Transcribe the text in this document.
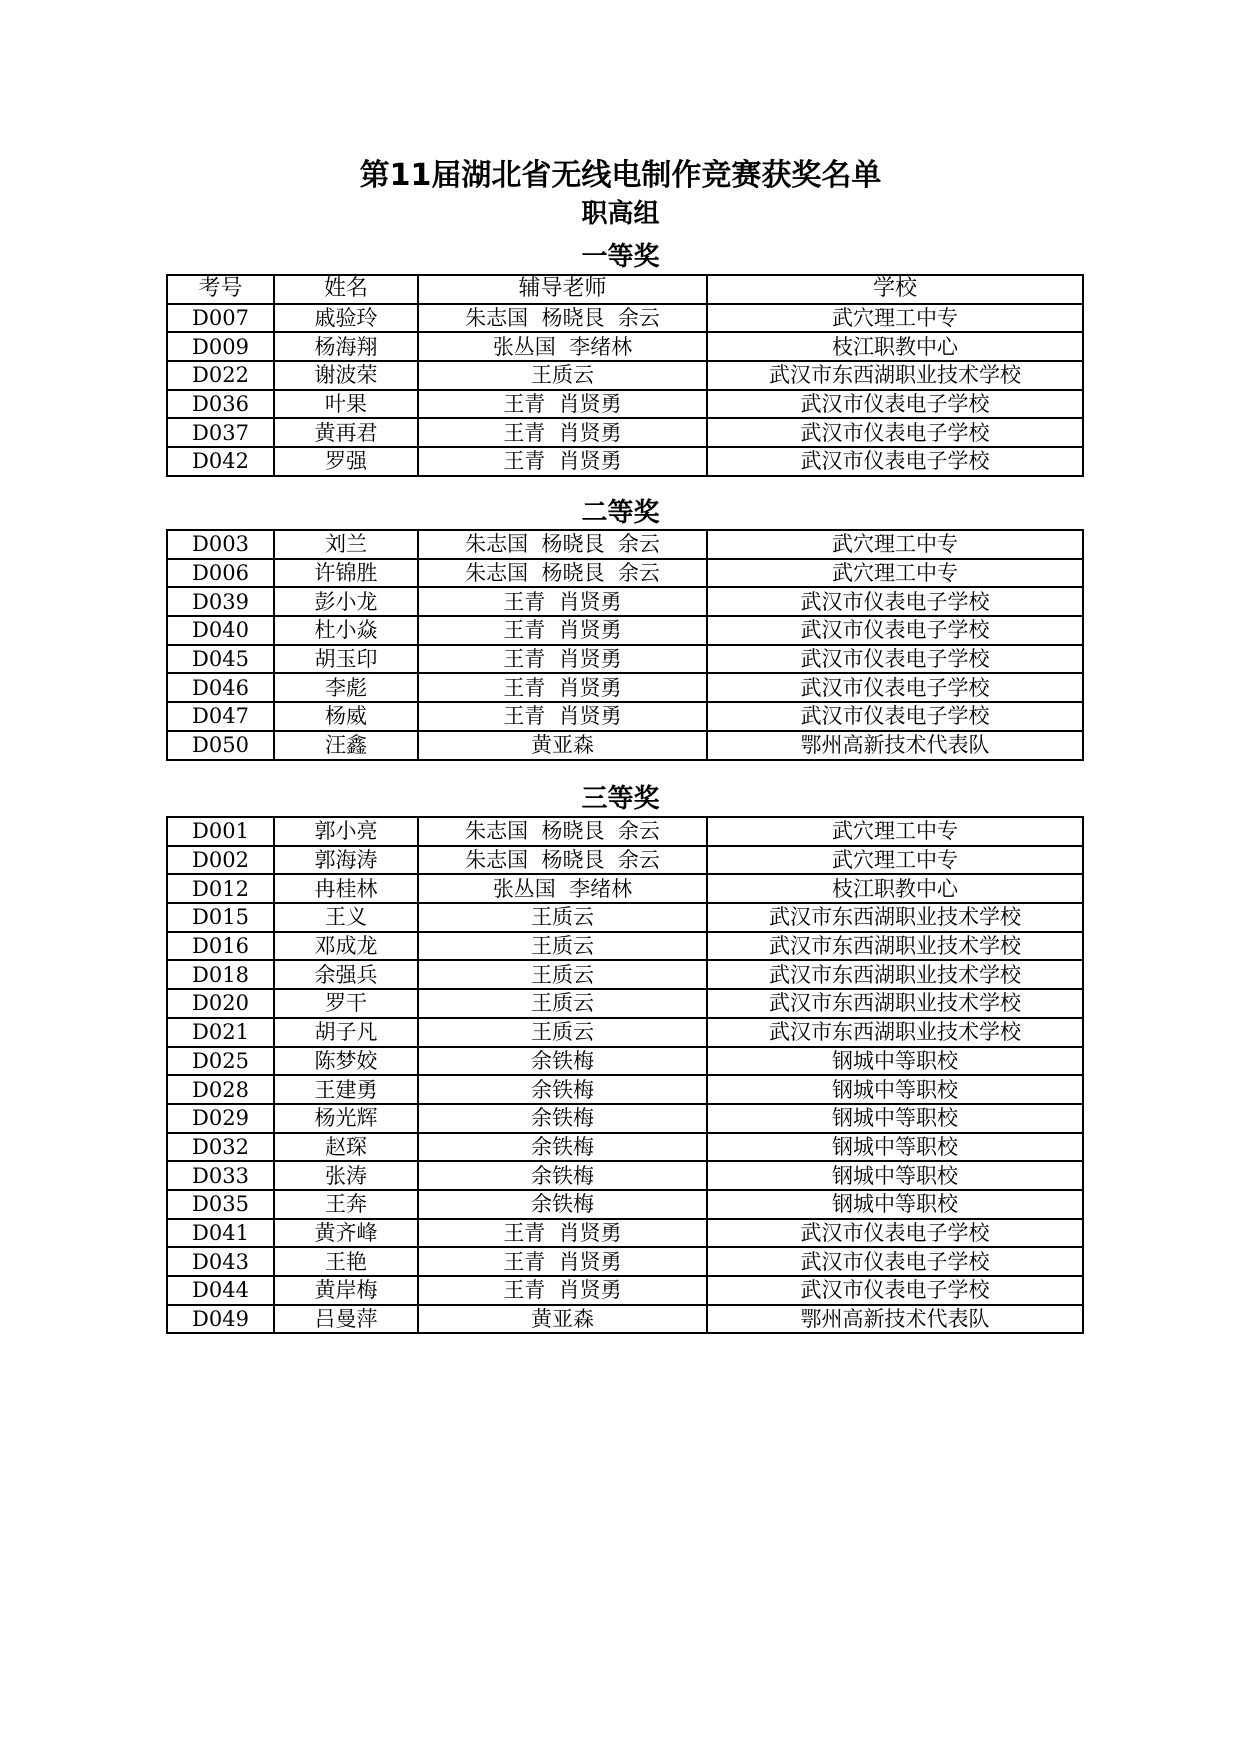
第11届湖北省无线电制作竞赛获奖名单
职高组
一等奖
二等奖
三等奖
考号	姓名	辅导老师	学校
D007	戚验玲	朱志国  杨晓艮  余云	武穴理工中专
D009	杨海翔	张丛国  李绪林	枝江职教中心
D022	谢波荣	王质云	武汉市东西湖职业技术学校
D036	叶果	王青  肖贤勇	武汉市仪表电子学校
D037	黄再君	王青  肖贤勇	武汉市仪表电子学校
D042	罗强	王青  肖贤勇	武汉市仪表电子学校
D003	刘兰	朱志国  杨晓艮  余云	武穴理工中专
D006	许锦胜	朱志国  杨晓艮  余云	武穴理工中专
D039	彭小龙	王青  肖贤勇	武汉市仪表电子学校
D040	杜小焱	王青  肖贤勇	武汉市仪表电子学校
D045	胡玉印	王青  肖贤勇	武汉市仪表电子学校
D046	李彪	王青  肖贤勇	武汉市仪表电子学校
D047	杨威	王青  肖贤勇	武汉市仪表电子学校
D050	汪鑫	黄亚森	鄂州高新技术代表队
D001	郭小亮	朱志国  杨晓艮  余云	武穴理工中专
D002	郭海涛	朱志国  杨晓艮  余云	武穴理工中专
D012	冉桂林	张丛国  李绪林	枝江职教中心
D015	王义	王质云	武汉市东西湖职业技术学校
D016	邓成龙	王质云	武汉市东西湖职业技术学校
D018	余强兵	王质云	武汉市东西湖职业技术学校
D020	罗干	王质云	武汉市东西湖职业技术学校
D021	胡子凡	王质云	武汉市东西湖职业技术学校
D025	陈梦姣	余铁梅	钢城中等职校
D028	王建勇	余铁梅	钢城中等职校
D029	杨光辉	余铁梅	钢城中等职校
D032	赵琛	余铁梅	钢城中等职校
D033	张涛	余铁梅	钢城中等职校
D035	王奔	余铁梅	钢城中等职校
D041	黄齐峰	王青  肖贤勇	武汉市仪表电子学校
D043	王艳	王青  肖贤勇	武汉市仪表电子学校
D044	黄岸梅	王青  肖贤勇	武汉市仪表电子学校
D049	吕曼萍	黄亚森	鄂州高新技术代表队
